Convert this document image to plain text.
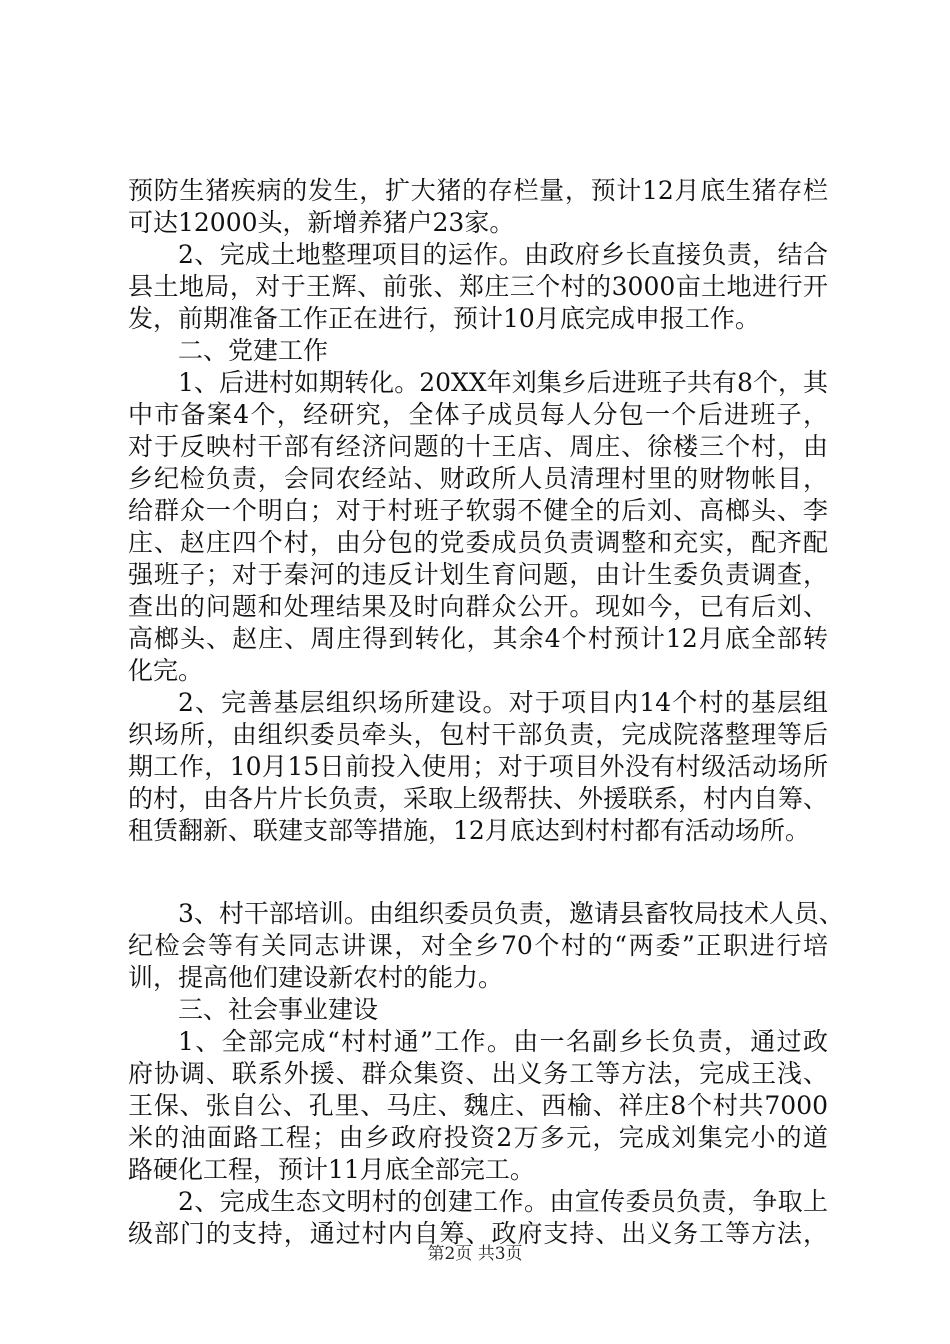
预防生猪疾病的发生，扩大猪的存栏量，预计12月底生猪存栏
可达12000头，新增养猪户23家。
2、完成土地整理项目的运作。由政府乡长直接负责，结合
县土地局，对于王辉、前张、郑庄三个村的3000亩土地进行开
发，前期准备工作正在进行，预计10月底完成申报工作。
二、党建工作
1、后进村如期转化。20XX年刘集乡后进班子共有8个，其
中市备案4个，经研究，全体子成员每人分包一个后进班子，
对于反映村干部有经济问题的十王店、周庄、徐楼三个村，由
乡纪检负责，会同农经站、财政所人员清理村里的财物帐目，
给群众一个明白；对于村班子软弱不健全的后刘、高榔头、李
庄、赵庄四个村，由分包的党委成员负责调整和充实，配齐配
强班子；对于秦河的违反计划生育问题，由计生委负责调查，
查出的问题和处理结果及时向群众公开。现如今，已有后刘、
高榔头、赵庄、周庄得到转化，其余4个村预计12月底全部转
化完。
2、完善基层组织场所建设。对于项目内14个村的基层组
织场所，由组织委员牵头，包村干部负责，完成院落整理等后
期工作，10月15日前投入使用；对于项目外没有村级活动场所
的村，由各片片长负责，采取上级帮扶、外援联系，村内自筹、
租赁翻新、联建支部等措施，12月底达到村村都有活动场所。
3、村干部培训。由组织委员负责，邀请县畜牧局技术人员、
纪检会等有关同志讲课，对全乡70个村的“两委”正职进行培
训，提高他们建设新农村的能力。
三、社会事业建设
1、全部完成“村村通”工作。由一名副乡长负责，通过政
府协调、联系外援、群众集资、出义务工等方法，完成王浅、
王保、张自公、孔里、马庄、魏庄、西榆、祥庄8个村共7000
米的油面路工程；由乡政府投资2万多元，完成刘集完小的道
路硬化工程，预计11月底全部完工。
2、完成生态文明村的创建工作。由宣传委员负责，争取上
级部门的支持，通过村内自筹、政府支持、出义务工等方法，
第2页 共3页
